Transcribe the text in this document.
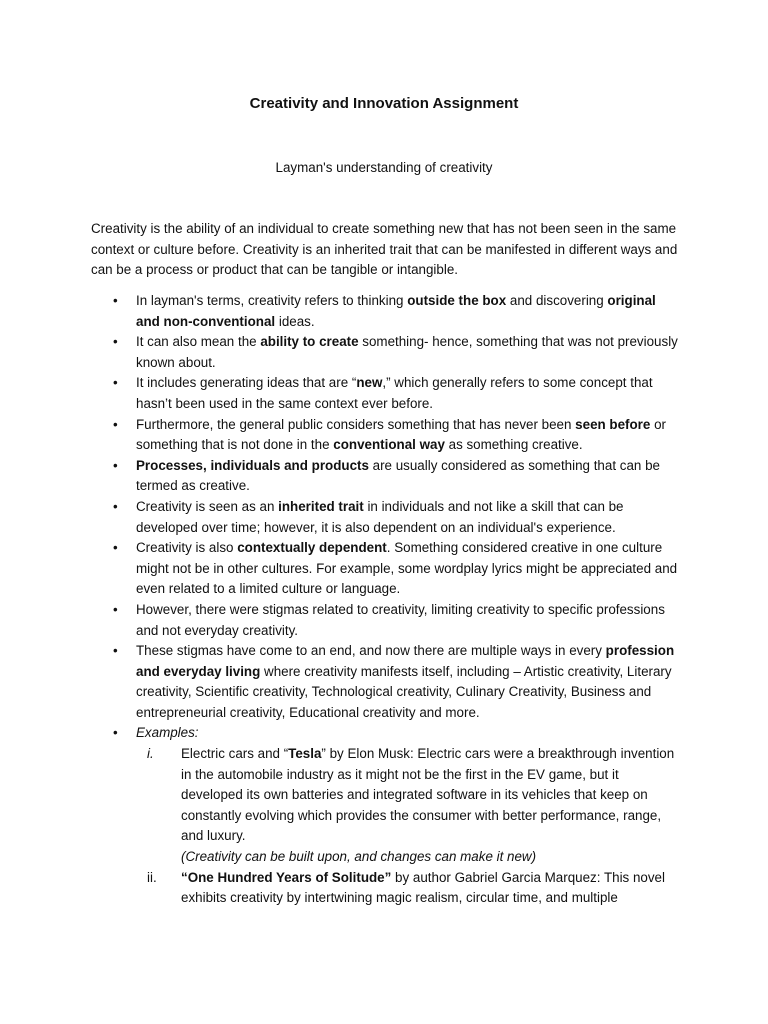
Creativity and Innovation Assignment
Layman's understanding of creativity

Creativity is the ability of an individual to create something new that has not been seen in the same context or culture before. Creativity is an inherited trait that can be manifested in different ways and can be a process or product that can be tangible or intangible.

•	In layman's terms, creativity refers to thinking outside the box and discovering original and non-conventional ideas.
•	It can also mean the ability to create something- hence, something that was not previously known about.
•	It includes generating ideas that are “new,” which generally refers to some concept that hasn’t been used in the same context ever before.
•	Furthermore, the general public considers something that has never been seen before or something that is not done in the conventional way as something creative.
•	Processes, individuals and products are usually considered as something that can be termed as creative.
•	Creativity is seen as an inherited trait in individuals and not like a skill that can be developed over time; however, it is also dependent on an individual's experience.
•	Creativity is also contextually dependent. Something considered creative in one culture might not be in other cultures. For example, some wordplay lyrics might be appreciated and even related to a limited culture or language.
•	However, there were stigmas related to creativity, limiting creativity to specific professions and not everyday creativity.
•	These stigmas have come to an end, and now there are multiple ways in every profession and everyday living where creativity manifests itself, including – Artistic creativity, Literary creativity, Scientific creativity, Technological creativity, Culinary Creativity, Business and entrepreneurial creativity, Educational creativity and more.
•	Examples:
i. Electric cars and “Tesla” by Elon Musk: Electric cars were a breakthrough invention in the automobile industry as it might not be the first in the EV game, but it developed its own batteries and integrated software in its vehicles that keep on constantly evolving which provides the consumer with better performance, range, and luxury.
(Creativity can be built upon, and changes can make it new)
ii. “One Hundred Years of Solitude” by author Gabriel Garcia Marquez: This novel exhibits creativity by intertwining magic realism, circular time, and multiple
